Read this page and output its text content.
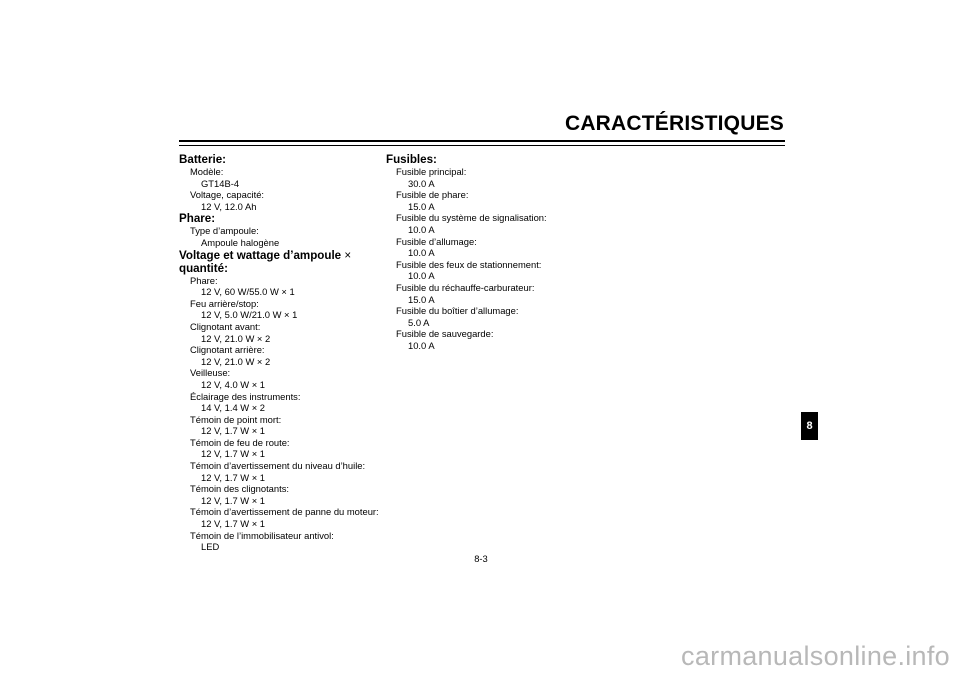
CARACTÉRISTIQUES
Batterie:
Modèle:
GT14B-4
Voltage, capacité:
12 V, 12.0 Ah
Phare:
Type d’ampoule:
Ampoule halogène
Voltage et wattage d’ampoule × quantité:
Phare:
12 V, 60 W/55.0 W × 1
Feu arrière/stop:
12 V, 5.0 W/21.0 W × 1
Clignotant avant:
12 V, 21.0 W × 2
Clignotant arrière:
12 V, 21.0 W × 2
Veilleuse:
12 V, 4.0 W × 1
Éclairage des instruments:
14 V, 1.4 W × 2
Témoin de point mort:
12 V, 1.7 W × 1
Témoin de feu de route:
12 V, 1.7 W × 1
Témoin d’avertissement du niveau d’huile:
12 V, 1.7 W × 1
Témoin des clignotants:
12 V, 1.7 W × 1
Témoin d’avertissement de panne du moteur:
12 V, 1.7 W × 1
Témoin de l’immobilisateur antivol:
LED
Fusibles:
Fusible principal:
30.0 A
Fusible de phare:
15.0 A
Fusible du système de signalisation:
10.0 A
Fusible d’allumage:
10.0 A
Fusible des feux de stationnement:
10.0 A
Fusible du réchauffe-carburateur:
15.0 A
Fusible du boîtier d’allumage:
5.0 A
Fusible de sauvegarde:
10.0 A
8
8-3
carmanualsonline.info
